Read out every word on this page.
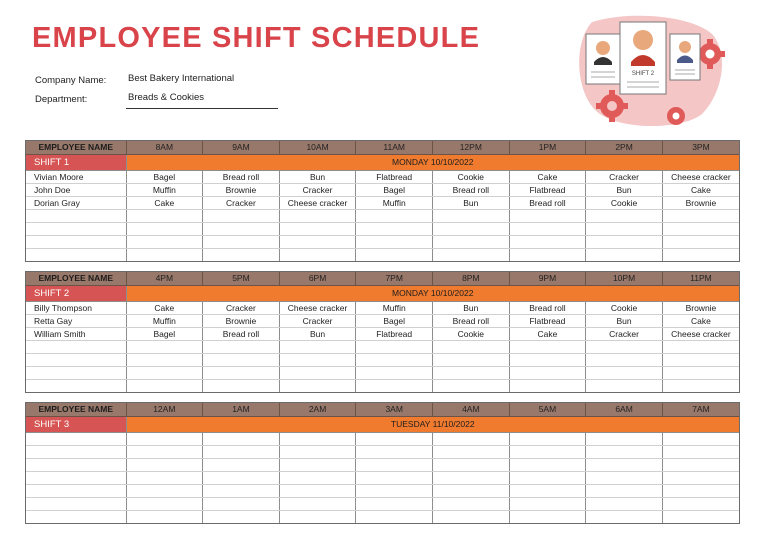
EMPLOYEE SHIFT SCHEDULE
Company Name: Best Bakery International
Department:	Breads & Cookies
SHIFT 2
EMPLOYEE NAME	8AM	9AM	10AM	11AM	12PM	1PM	2PM	3PM
SHIFT 1	MONDAY 10/10/2022							
Vivian Moore	Bagel	Bread roll	Bun	Flatbread	Cookie	Cake	Cracker	Cheese cracker
John Doe	Muffin	Brownie	Cracker	Bagel	Bread roll	Flatbread	Bun	Cake
Dorian Gray	Cake	Cracker	Cheese cracker	Muffin	Bun	Bread roll	Cookie	Brownie

EMPLOYEE NAME	4PM	5PM	6PM	7PM	8PM	9PM	10PM	11PM
SHIFT 2	MONDAY 10/10/2022							
Billy Thompson	Cake	Cracker	Cheese cracker	Muffin	Bun	Bread roll	Cookie	Brownie
Retta Gay	Muffin	Brownie	Cracker	Bagel	Bread roll	Flatbread	Bun	Cake
William Smith	Bagel	Bread roll	Bun	Flatbread	Cookie	Cake	Cracker	Cheese cracker

EMPLOYEE NAME	12AM	1AM	2AM	3AM	4AM	5AM	6AM	7AM
SHIFT 3	TUESDAY 11/10/2022							
